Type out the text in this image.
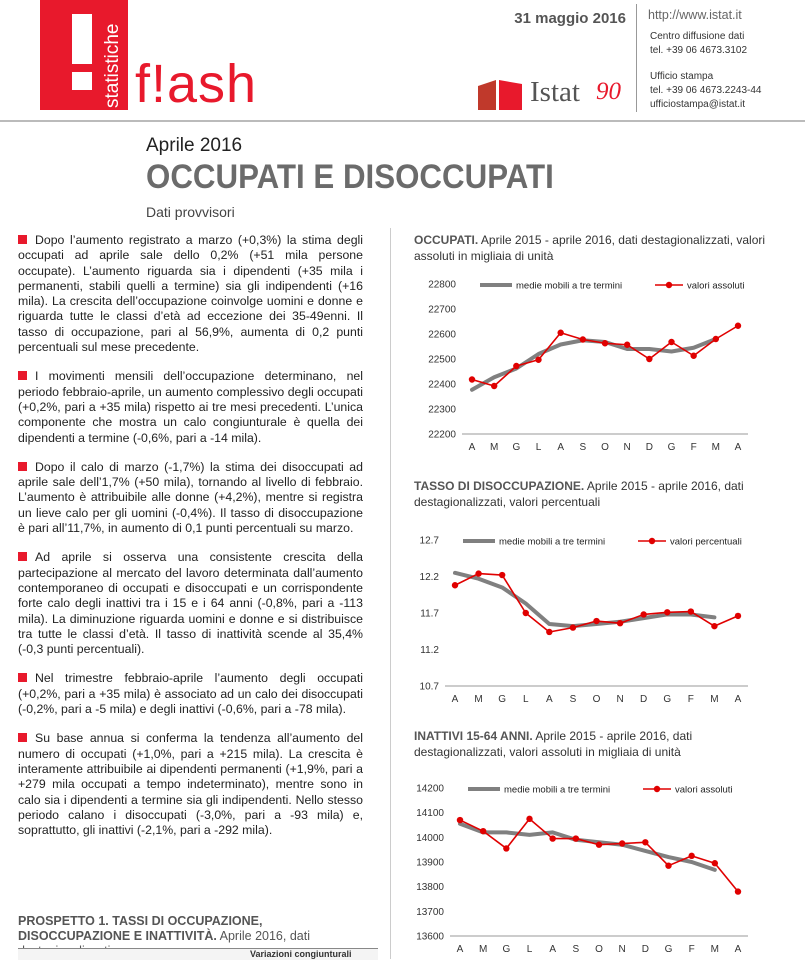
statistiche f!ash
31 maggio 2016 http://www.istat.it
Centro diffusione dati
tel. +39 06 4673.3102
Ufficio stampa
tel. +39 06 4673.2243-44
ufficiostampa@istat.it
Istat 90
Aprile 2016
OCCUPATI E DISOCCUPATI
Dati provvisori

Dopo l’aumento registrato a marzo (+0,3%) la stima degli occupati ad aprile sale dello 0,2% (+51 mila persone occupate). L’aumento riguarda sia i dipendenti (+35 mila i permanenti, stabili quelli a termine) sia gli indipendenti (+16 mila). La crescita dell’occupazione coinvolge uomini e donne e riguarda tutte le classi d’età ad eccezione dei 35-49enni. Il tasso di occupazione, pari al 56,9%, aumenta di 0,2 punti percentuali sul mese precedente.

I movimenti mensili dell’occupazione determinano, nel periodo febbraio-aprile, un aumento complessivo degli occupati (+0,2%, pari a +35 mila) rispetto ai tre mesi precedenti. L’unica componente che mostra un calo congiunturale è quella dei dipendenti a termine (-0,6%, pari a -14 mila).

Dopo il calo di marzo (-1,7%) la stima dei disoccupati ad aprile sale dell’1,7% (+50 mila), tornando al livello di febbraio. L’aumento è attribuibile alle donne (+4,2%), mentre si registra un lieve calo per gli uomini (-0,4%). Il tasso di disoccupazione è pari all’11,7%, in aumento di 0,1 punti percentuali su marzo.

Ad aprile si osserva una consistente crescita della partecipazione al mercato del lavoro determinata dall’aumento contemporaneo di occupati e disoccupati e un corrispondente forte calo degli inattivi tra i 15 e i 64 anni (-0,8%, pari a -113 mila). La diminuzione riguarda uomini e donne e si distribuisce tra tutte le classi d’età. Il tasso di inattività scende al 35,4% (-0,3 punti percentuali).

Nel trimestre febbraio-aprile l’aumento degli occupati (+0,2%, pari a +35 mila) è associato ad un calo dei disoccupati (-0,2%, pari a -5 mila) e degli inattivi (-0,6%, pari a -78 mila).

Su base annua si conferma la tendenza all’aumento del numero di occupati (+1,0%, pari a +215 mila). La crescita è interamente attribuibile ai dipendenti permanenti (+1,9%, pari a +279 mila occupati a tempo indeterminato), mentre sono in calo sia i dipendenti a termine sia gli indipendenti. Nello stesso periodo calano i disoccupati (-3,0%, pari a -93 mila) e, soprattutto, gli inattivi (-2,1%, pari a -292 mila).

PROSPETTO 1. TASSI DI OCCUPAZIONE, DISOCCUPAZIONE E INATTIVITÀ. Aprile 2016, dati
Variazioni congiunturali
OCCUPATI. Aprile 2015 - aprile 2016, dati destagionalizzati, valori assoluti in migliaia di unità
TASSO DI DISOCCUPAZIONE. Aprile 2015 - aprile 2016, dati destagionalizzati, valori percentuali
INATTIVI 15-64 ANNI. Aprile 2015 - aprile 2016, dati destagionalizzati, valori assoluti in migliaia di unità
22200
22300
22400
22500
22600
22700
22800
A M G L A S O N D G F M A
medie mobili a tre termini	valori assoluti
10.7
11.2
11.7
12.2
12.7
A M G L A S O N D G F M A
medie mobili a tre termini	valori percentuali
13600
13700
13800
13900
14000
14100
14200
A M G L A S O N D G F M A
medie mobili a tre termini	valori assoluti
